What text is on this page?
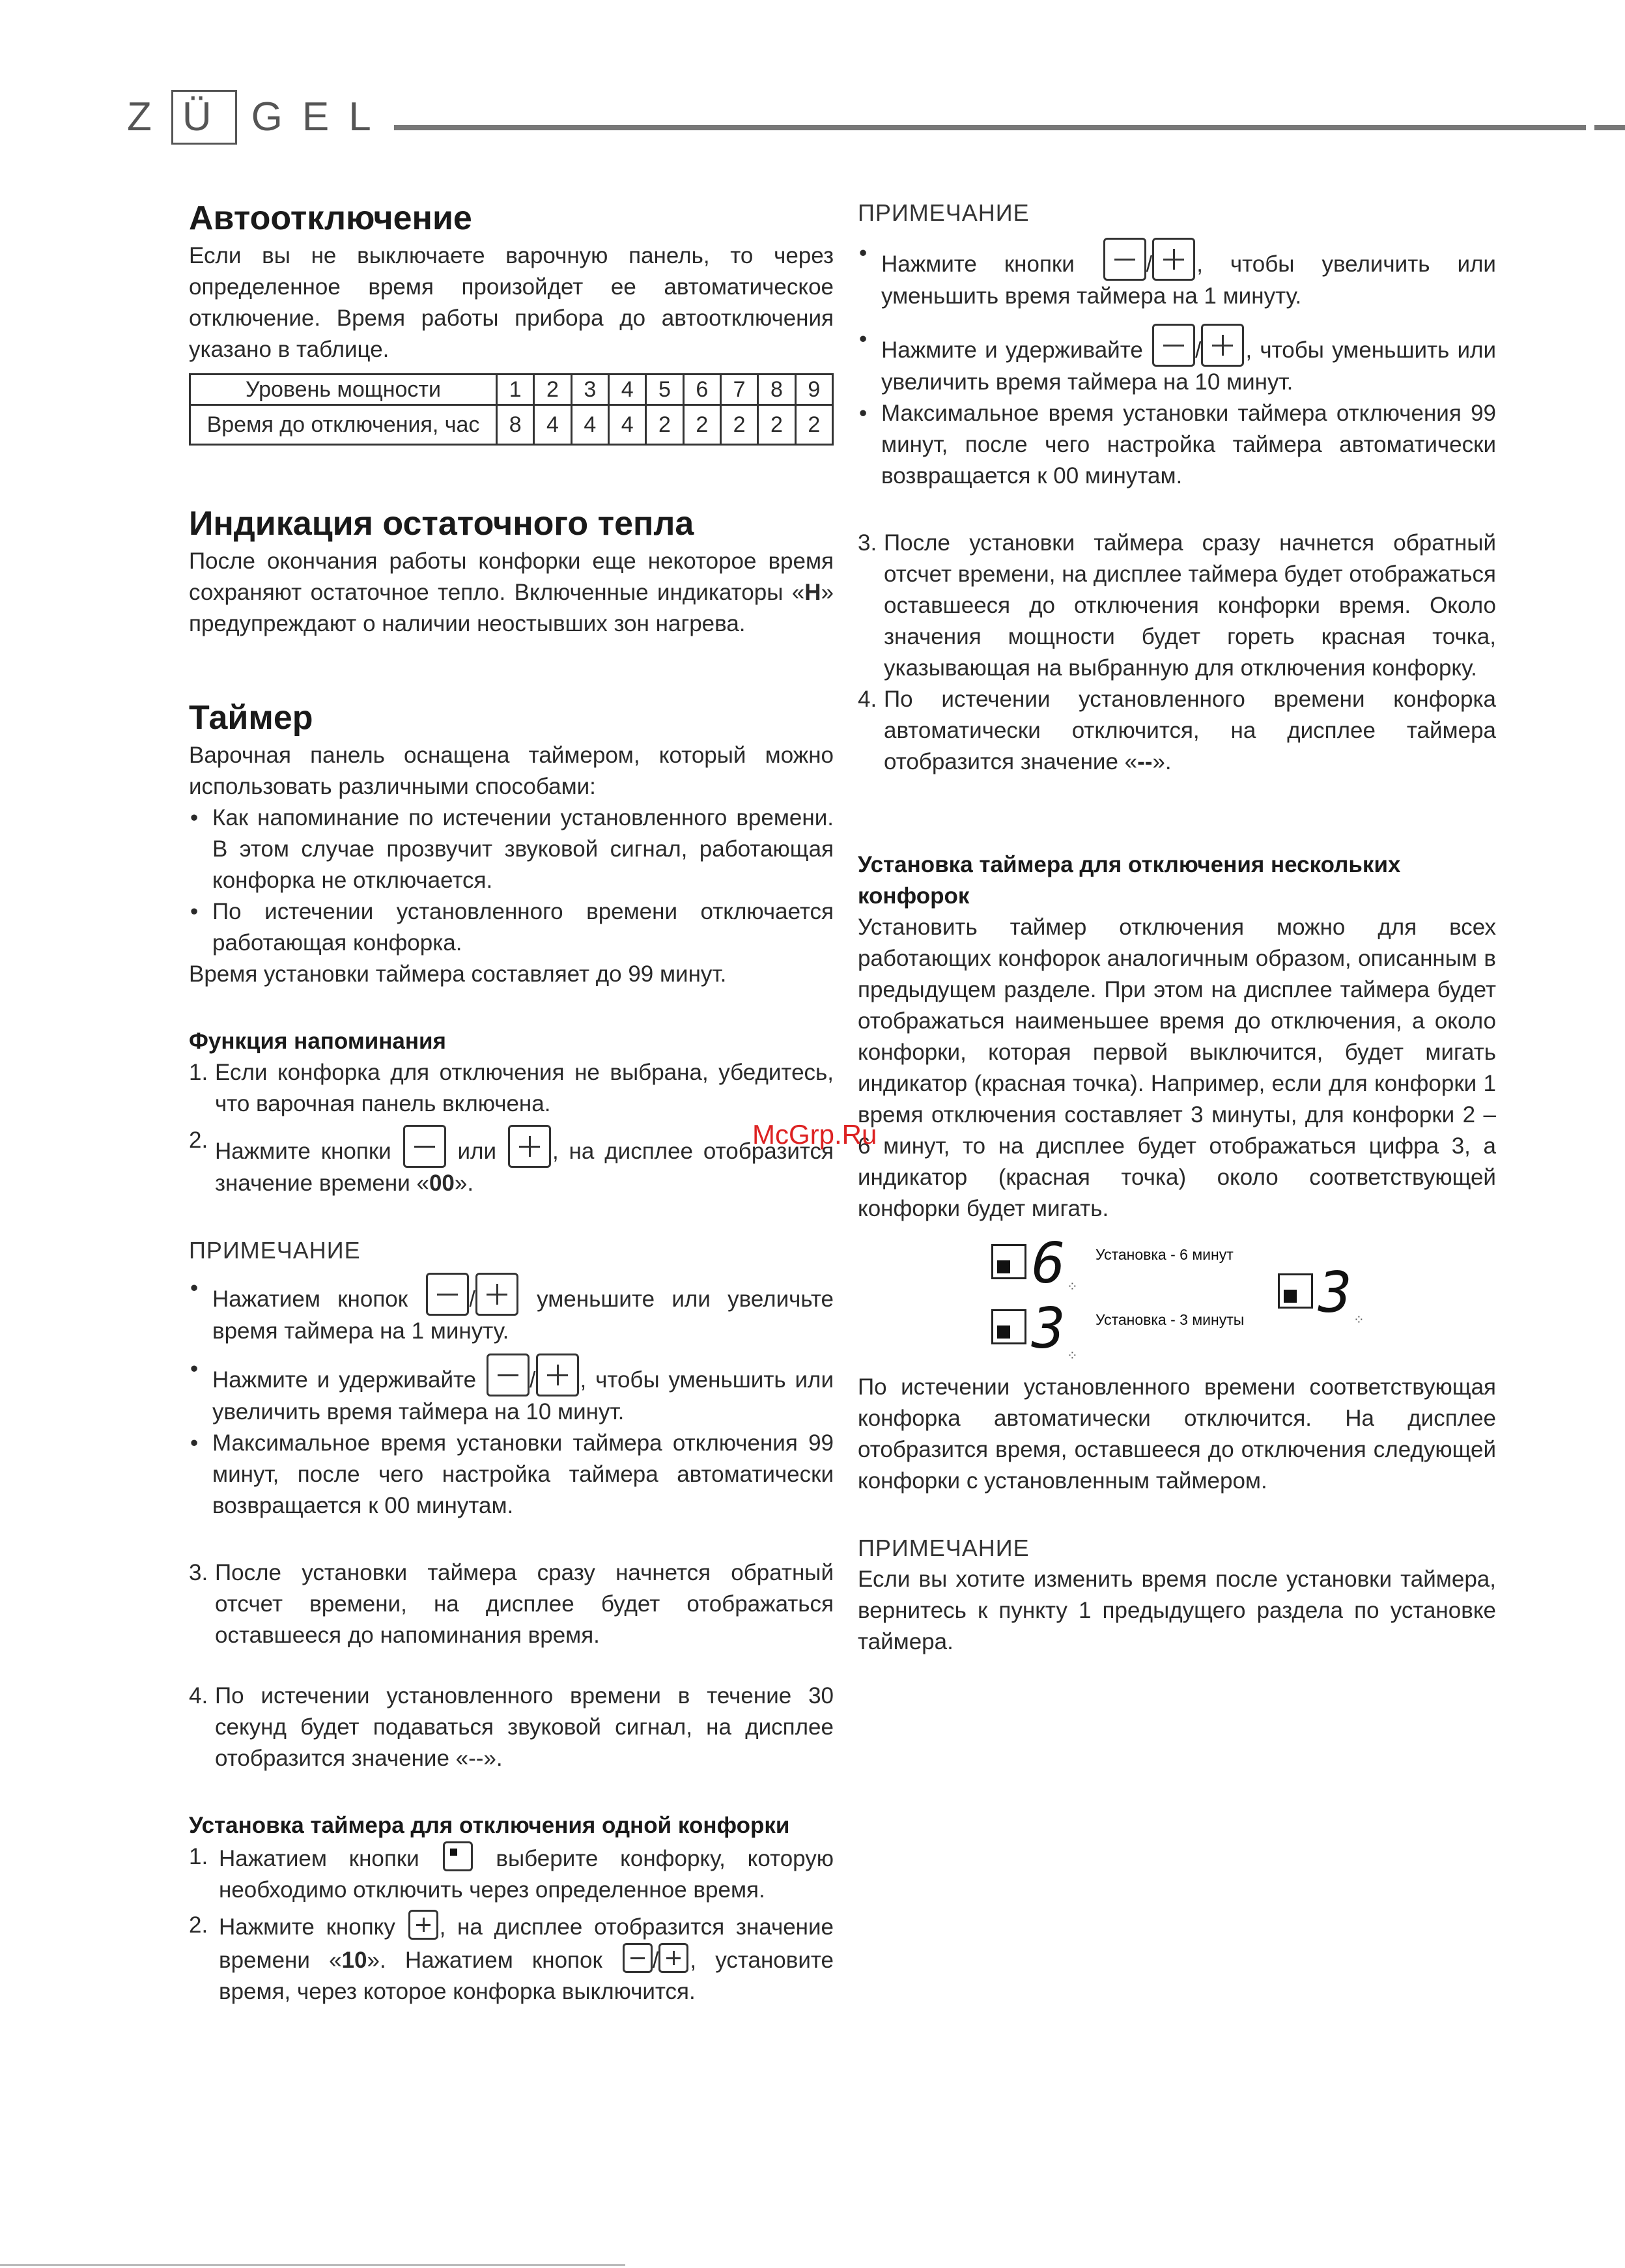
Z Ü G E L
Автоотключение

Если вы не выключаете варочную панель, то через определенное время произойдет ее автоматическое отключение. Время работы прибора до автоотключения указано в таблице.

Уровень мощности	1	2	3	4	5	6	7	8	9
Время до отключения, час	8	4	4	4	2	2	2	2	2
Индикация остаточного тепла

После окончания работы конфорки еще некоторое время сохраняют остаточное тепло. Включенные индикаторы «H» предупреждают о наличии неостывших зон нагрева.

Таймер

Варочная панель оснащена таймером, который можно использовать различными способами:

• Как напоминание по истечении установленного времени. В этом случае прозвучит звуковой сигнал, работающая конфорка не отключается.
• По истечении установленного времени отключается работающая конфорка.

Время установки таймера составляет до 99 минут.

Функция напоминания
1. Если конфорка для отключения не выбрана, убедитесь, что варочная панель включена.
2. Нажмите кнопки	или , на дисплее отобразится значение времени «00».
ПРИМЕЧАНИЕ
• Нажатием кнопок	/	уменьшите или увеличьте время таймера на 1 минуту.
• Нажмите и удерживайте / , чтобы уменьшить или увеличить время таймера на 10 минут.
• Максимальное время установки таймера отключения 99 минут, после чего настройка таймера автоматически возвращается к 00 минутам.
3. После установки таймера сразу начнется обратный отсчет времени, на дисплее будет отображаться оставшееся до напоминания время.
4. По истечении установленного времени в течение 30 секунд будет подаваться звуковой сигнал, на дисплее отобразится значение «--».
Установка таймера для отключения одной конфорки
1. Нажатием кнопки	выберите конфорку, которую необходимо отключить через определенное время.
2. Нажмите кнопку , на дисплее отобразится значение времени «10». Нажатием кнопок / , установите время, через которое конфорка выключится.
ПРИМЕЧАНИЕ
• Нажмите кнопки	/ , чтобы увеличить или уменьшить время таймера на 1 минуту.
• Нажмите и удерживайте / , чтобы уменьшить или увеличить время таймера на 10 минут.
• Максимальное время установки таймера отключения 99 минут, после чего настройка таймера автоматически возвращается к 00 минутам.
3. После установки таймера сразу начнется обратный отсчет времени, на дисплее таймера будет отображаться оставшееся до отключения конфорки время. Около значения мощности будет гореть красная точка, указывающая на выбранную для отключения конфорку.
4. По истечении установленного времени конфорка автоматически отключится, на дисплее таймера отобразится значение «--».
Установка таймера для отключения нескольких конфорок

Установить таймер отключения можно для всех работающих конфорок аналогичным образом, описанным в предыдущем разделе. При этом на дисплее таймера будет отображаться наименьшее время до отключения, а около конфорки, которая первой выключится, будет мигать индикатор (красная точка). Например, если для конфорки 1 время отключения составляет 3 минуты, для конфорки 2 – 6 минут, то на дисплее будет отображаться цифра 3, а индикатор (красная точка) около соответствующей конфорки будет мигать.

6 ⁘
Установка - 6 минут
3 ⁘
Установка - 3 минуты 3 ⁘

По истечении установленного времени соответствующая конфорка автоматически отключится. На дисплее отобразится время, оставшееся до отключения следующей конфорки с установленным таймером.

ПРИМЕЧАНИЕ

Если вы хотите изменить время после установки таймера, вернитесь к пункту 1 предыдущего раздела по установке таймера.

McGrp.Ru
